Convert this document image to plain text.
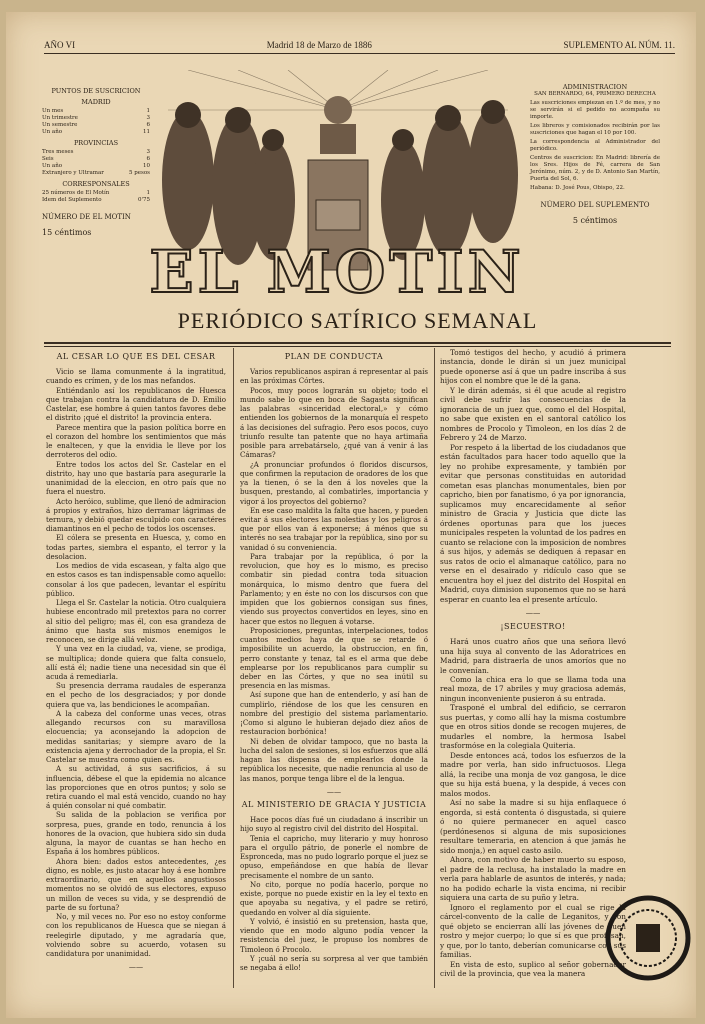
AÑO VI	Madrid 18 de Marzo de 1886	SUPLEMENTO AL NÚM. 11.
PUNTOS DE SUSCRICION
MADRID
Un mes	1
Un trimestre	3
Un semestre	6
Un año	11
PROVINCIAS
Tres meses	3
Seis	6
Un año	10
Extranjero y Ultramar	5 pesos
CORRESPONSALES
25 números de El Motín	1
Idem del Suplemento	0'75
NÚMERO DE EL MOTIN
15 céntimos
EL MOTIN
ADMINISTRACION
SAN BERNARDO, 64, PRIMERO DERECHA

Las suscriciones empiezan en 1.º de mes, y no se servirán si el pedido no acompaña su importe.

Los libreros y comisionados recibirán por las suscriciones que hagan el 10 por 100.

La correspondencia al Administrador del periódico.

Centros de suscricion: En Madrid: librería de los Sres. Hijos de Fé, carrera de San Jerónimo, núm. 2, y de D. Antonio San Martín, Puerta del Sol, 6.

Habana: D. José Pous, Obispo, 22.

NÚMERO DEL SUPLEMENTO
5 céntimos
PERIÓDICO SATÍRICO SEMANAL
AL CESAR LO QUE ES DEL CESAR

Vicio se llama comunmente á la ingratitud, cuando es crímen, y de los mas nefandos.

Entiéndanlo así los republicanos de Huesca que trabajan contra la candidatura de D. Emilio Castelar, ese hombre á quien tantos favores debe el distrito ¡qué el distrito! la provincia entera.

Parece mentira que la pasion política borre en el corazon del hombre los sentimientos que más le enaltecen, y que la envidia le lleve por los derroteros del odio.

Entre todos los actos del Sr. Castelar en el distrito, hay uno que bastaría para asegurarle la unanimidad de la eleccion, en otro país que no fuera el nuestro.

Acto heróico, sublime, que llenó de admiracion á propios y extraños, hizo derramar lágrimas de ternura, y debió quedar esculpido con caractéres diamantinos en el pecho de todos los oscenses.

El cólera se presenta en Huesca, y, como en todas partes, siembra el espanto, el terror y la desolacion.

Los medios de vida escasean, y falta algo que en estos casos es tan indispensable como aquello: consolar á los que padecen, levantar el espíritu público.

Llega el Sr. Castelar la noticia. Otro cualquiera hubiese encontrado mil pretextos para no correr al sitio del peligro; mas él, con esa grandeza de ánimo que hasta sus mismos enemigos le reconocen, se dirige allá veloz.

Y una vez en la ciudad, va, viene, se prodiga, se multiplica; donde quiera que falta consuelo, allí está él; nadie tiene una necesidad sin que él acuda á remediarla.

Su presencia derrama raudales de esperanza en el pecho de los desgraciados; y por donde quiera que va, las bendiciones le acompañan.

A la cabeza del conforme unas veces, otras allegando recursos con su maravillosa elocuencia; ya aconsejando la adopcion de medidas sanitarias; y siempre avaro de la existencia ajena y derrochador de la propia, el Sr. Castelar se muestra como quien es.

A su actividad, á sus sacrificios, á su influencia, débese el que la epidemia no alcance las proporciones que en otros puntos; y solo se retira cuando el mal está vencido, cuando no hay á quién consolar ni qué combatir.

Su salida de la poblacion se verifica por sorpresa, pues, grande en todo, renuncia á los honores de la ovacion, que hubiera sido sin duda alguna, la mayor de cuantas se han hecho en España á los hombres públicos.

Ahora bien: dados estos antecedentes, ¿es digno, es noble, es justo atacar hoy á ese hombre extraordinario, que en aquellos angustiosos momentos no se olvidó de sus electores, expuso un millon de veces su vida, y se desprendió de parte de su fortuna?

No, y mil veces no. Por eso no estoy conforme con los republicanos de Huesca que se niegan á reelegirle diputado, y me agradaría que, volviendo sobre su acuerdo, votasen su candidatura por unanimidad.

——
PLAN DE CONDUCTA

Varios republicanos aspiran á representar al país en las próximas Córtes.

Pocos, muy pocos lograrán su objeto; todo el mundo sabe lo que en boca de Sagasta significan las palabras «sinceridad electoral,» y cómo entienden los gobiernos de la monarquía el respeto á las decisiones del sufragio. Pero esos pocos, cuyo triunfo resulte tan patente que no haya artimaña posible para arrebatárselo, ¿qué van á venir á las Cámaras?

¿A pronunciar profundos ó floridos discursos, que confirmen la reputacion de oradores de los que ya la tienen, ó se la den á los noveles que la busquen, prestando, al combatirles, importancia y vigor á los proyectos del gobierno?

En ese caso maldita la falta que hacen, y pueden evitar á sus electores las molestias y los peligros á que por ellos van á exponerse; á ménos que su interés no sea trabajar por la república, sino por su vanidad ó su conveniencia.

Para trabajar por la república, ó por la revolucion, que hoy es lo mismo, es preciso combatir sin piedad contra toda situacion monárquica, lo mismo dentro que fuera del Parlamento; y en éste no con los discursos con que impiden que los gobiernos consigan sus fines, viendo sus proyectos convertidos en leyes, sino en hacer que estos no lleguen á votarse.

Proposiciones, preguntas, interpelaciones, todos cuantos medios haya de que se retarde ó imposibilite un acuerdo, la obstruccion, en fin, perro constante y tenaz, tal es el arma que debe emplearse por los republicanos para cumplir su deber en las Córtes, y que no sea inútil su presencia en las mismas.

Así supone que han de entenderlo, y así han de cumplirlo, riéndose de los que les censuren en nombre del prestigio del sistema parlamentario. ¡Como si alguno le hubieran dejado diez años de restauracion borbónica!

Ni deben de olvidar tampoco, que no basta la lucha del salon de sesiones, si los esfuerzos que allá hagan las dispensa de emplearlos donde la república los necesite, que nadie renuncia al uso de las manos, porque tenga libre el de la lengua.

——
AL MINISTERIO DE GRACIA Y JUSTICIA

Hace pocos días fué un ciudadano á inscribir un hijo suyo al registro civil del distrito del Hospital.

Tenia el capricho, muy literario y muy honroso para el orgullo pátrio, de ponerle el nombre de Espronceda, mas no pudo lograrlo porque el juez se opuso, empeñándose en que había de llevar precisamente el nombre de un santo.

No cito, porque no podía hacerlo, porque no existe, porque no puede existir en la ley el texto en que apoyaba su negativa, y el padre se retiró, quedando en volver al día siguiente.

Y volvió, é insistió en su pretension, hasta que, viendo que en modo alguno podía vencer la resistencia del juez, le propuso los nombres de Timoleon ó Procolo.

Y ¡cuál no sería su sorpresa al ver que también se negaba á ello!

Tomó testigos del hecho, y acudió á primera instancia, donde le dirán si un juez municipal puede oponerse así á que un padre inscriba á sus hijos con el nombre que le dé la gana.

Y le dirán además, si él que acude al registro civil debe sufrir las consecuencias de la ignorancia de un juez que, como el del Hospital, no sabe que existen en el santoral católico los nombres de Procolo y Timoleon, en los días 2 de Febrero y 24 de Marzo.

Por respeto á la libertad de los ciudadanos que están facultados para hacer todo aquello que la ley no prohibe expresamente, y también por evitar que personas constituidas en autoridad cometan esas planchas monumentales, bien por capricho, bien por fanatismo, ó ya por ignorancia, suplicamos muy encarecidamente al señor ministro de Gracia y Justicia que dicte las órdenes oportunas para que los jueces municipales respeten la voluntad de los padres en cuanto se relacione con la imposicion de nombres á sus hijos, y además se dediquen á repasar en sus ratos de ocio el almanaque católico, para no verse en el desairado y ridículo caso que se encuentra hoy el juez del distrito del Hospital en Madrid, cuya dimision suponemos que no se hará esperar en cuanto lea el presente artículo.

——
¡SECUESTRO!

Hará unos cuatro años que una señora llevó una hija suya al convento de las Adoratrices en Madrid, para distraerla de unos amoríos que no le convenían.

Como la chica era lo que se llama toda una real moza, de 17 abriles y muy graciosa además, ningun inconveniente pusieron á su entrada.

Trasponé el umbral del edificio, se cerraron sus puertas, y como allí hay la misma costumbre que en otros sitios donde se recogen mujeres, de mudarles el nombre, la hermosa Isabel trasformóse en la colegiala Quiteria.

Desde entonces acá, todos los esfuerzos de la madre por verla, han sido infructuosos. Llega allá, la recibe una monja de voz gangosa, le dice que su hija está buena, y la despide, á veces con malos modos.

Así no sabe la madre si su hija enflaquece ó engorda, si está contenta ó disgustada, si quiere ó no quiere permanecer en aquel casco (perdónesenos si alguna de mis suposiciones resultare temeraria, en atencion á que jamás he sido monja,) en aquel casto asilo.

Ahora, con motivo de haber muerto su esposo, el padre de la reclusa, ha instalado la madre en verla para hablarle de asuntos de interés, y nada; no ha podido echarle la vista encima, ni recibir siquiera una carta de su puño y letra.

Ignoro el reglamento por el cual se rige la cárcel-convento de la calle de Leganitos, y con qué objeto se encierran allí las jóvenes de buen rostro y mejor cuerpo; lo que sí es que profesan, y que, por lo tanto, deberían comunicarse con sus familias.

En vista de esto, suplico al señor gobernador civil de la provincia, que vea la manera
